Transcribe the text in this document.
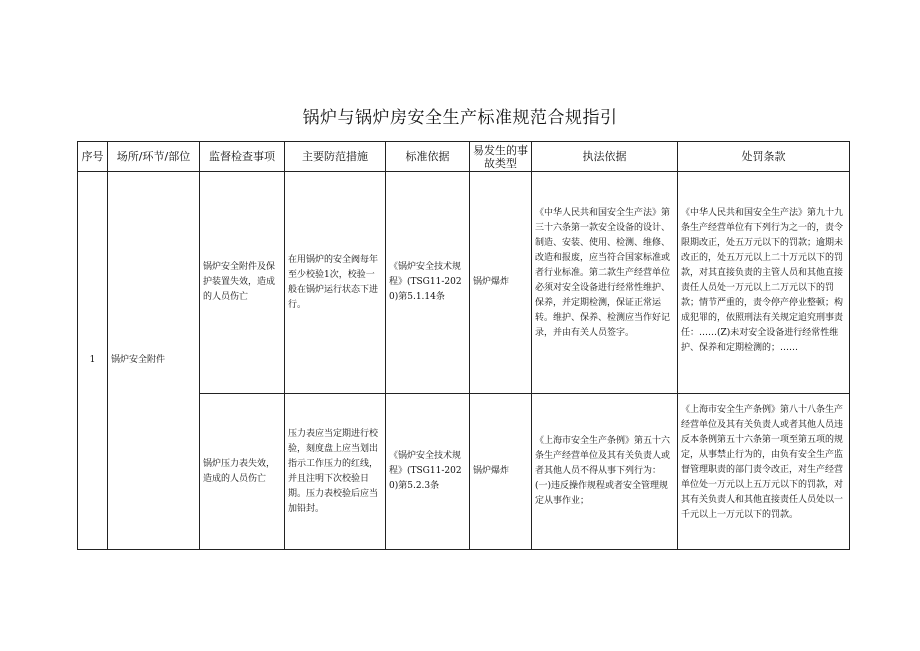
锅炉与锅炉房安全生产标准规范合规指引
序号	场所/环节/部位	监督检查事项	主要防范措施	标准依据	易发生的事故类型	执法依据	处罚条款
1	锅炉安全附件	锅炉安全附件及保护装置失效，造成的人员伤亡	在用锅炉的安全阀每年至少校验1次，校验一般在锅炉运行状态下进行。	《锅炉安全技术规程》(TSG11-2020)第5.1.14条	锅炉爆炸	《中华人民共和国安全生产法》第三十六条第一款安全设备的设计、制造、安装、使用、检测、维修、改造和报废，应当符合国家标准或者行业标准。第二款生产经营单位必须对安全设备进行经常性维护、保养，并定期检测，保证正常运转。维护、保养、检测应当作好记录，并由有关人员签字。	《中华人民共和国安全生产法》第九十九条生产经营单位有下列行为之一的，责令限期改正，处五万元以下的罚款；逾期未改正的，处五万元以上二十万元以下的罚款，对其直接负责的主管人员和其他直接责任人员处一万元以上二万元以下的罚款；情节严重的，责令停产停业整顿；构成犯罪的，依照刑法有关规定追究刑事责任：……(Z)未对安全设备进行经常性维护、保养和定期检测的；……
		锅炉压力表失效，造成的人员伤亡	压力表应当定期进行校验，刻度盘上应当划出指示工作压力的红线，并且注明下次校验日期。压力表校验后应当加铅封。	《锅炉安全技术规程》(TSG11-2020)第5.2.3条	锅炉爆炸	《上海市安全生产条例》第五十六条生产经营单位及其有关负责人或者其他人员不得从事下列行为：(一)违反操作规程或者安全管理规定从事作业；	《上海市安全生产条例》第八十八条生产经营单位及其有关负责人或者其他人员违反本条例第五十六条第一项至第五项的规定，从事禁止行为的，由负有安全生产监督管理职责的部门责令改正，对生产经营单位处一万元以上五万元以下的罚款，对其有关负责人和其他直接责任人员处以一千元以上一万元以下的罚款。
